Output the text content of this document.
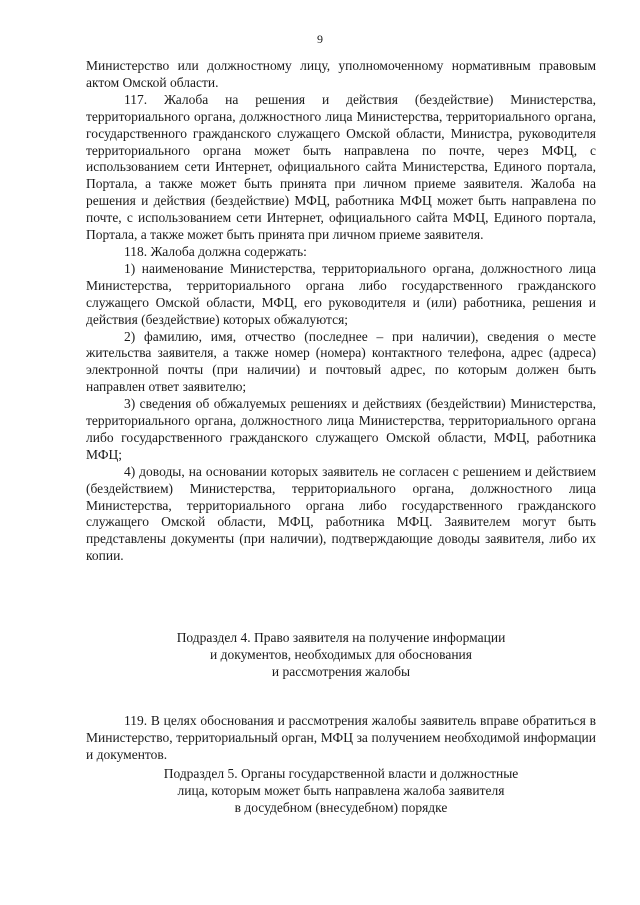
9

Министерство или должностному лицу, уполномоченному нормативным правовым актом Омской области.

117. Жалоба на решения и действия (бездействие) Министерства, территориального органа, должностного лица Министерства, территориального органа, государственного гражданского служащего Омской области, Министра, руководителя территориального органа может быть направлена по почте, через МФЦ, с использованием сети Интернет, официального сайта Министерства, Единого портала, Портала, а также может быть принята при личном приеме заявителя. Жалоба на решения и действия (бездействие) МФЦ, работника МФЦ может быть направлена по почте, с использованием сети Интернет, официального сайта МФЦ, Единого портала, Портала, а также может быть принята при личном приеме заявителя.

118. Жалоба должна содержать:

1) наименование Министерства, территориального органа, должностного лица Министерства, территориального органа либо государственного гражданского служащего Омской области, МФЦ, его руководителя и (или) работника, решения и действия (бездействие) которых обжалуются;

2) фамилию, имя, отчество (последнее – при наличии), сведения о месте жительства заявителя, а также номер (номера) контактного телефона, адрес (адреса) электронной почты (при наличии) и почтовый адрес, по которым должен быть направлен ответ заявителю;

3) сведения об обжалуемых решениях и действиях (бездействии) Министерства, территориального органа, должностного лица Министерства, территориального органа либо государственного гражданского служащего Омской области, МФЦ, работника МФЦ;

4) доводы, на основании которых заявитель не согласен с решением и действием (бездействием) Министерства, территориального органа, должностного лица Министерства, территориального органа либо государственного гражданского служащего Омской области, МФЦ, работника МФЦ. Заявителем могут быть представлены документы (при наличии), подтверждающие доводы заявителя, либо их копии.

Подраздел 4. Право заявителя на получение информации
и документов, необходимых для обоснования
и рассмотрения жалобы

119. В целях обоснования и рассмотрения жалобы заявитель вправе обратиться в Министерство, территориальный орган, МФЦ за получением необходимой информации и документов.

Подраздел 5. Органы государственной власти и должностные
лица, которым может быть направлена жалоба заявителя
в досудебном (внесудебном) порядке
